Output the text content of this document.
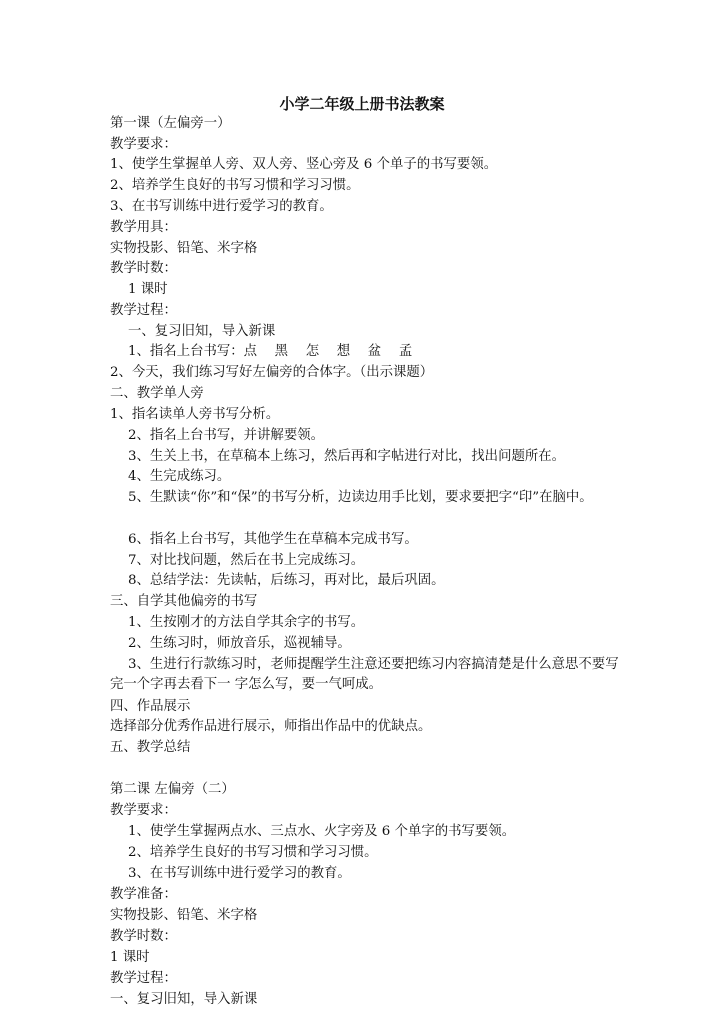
小学二年级上册书法教案
第一课（左偏旁一）
教学要求：
1、使学生掌握单人旁、双人旁、竖心旁及 6 个单子的书写要领。
2、培养学生良好的书写习惯和学习习惯。
3、在书写训练中进行爱学习的教育。
教学用具：
实物投影、铅笔、米字格
教学时数：
1 课时
教学过程：
一、复习旧知，导入新课
1、指名上台书写：点　 黑　 怎　 想　 盆　 孟
2、今天，我们练习写好左偏旁的合体字。（出示课题）
二、教学单人旁
1、指名读单人旁书写分析。
2、指名上台书写，并讲解要领。
3、生关上书，在草稿本上练习，然后再和字帖进行对比，找出问题所在。
4、生完成练习。
5、生默读“你”和“保”的书写分析，边读边用手比划，要求要把字“印”在脑中。
6、指名上台书写，其他学生在草稿本完成书写。
7、对比找问题，然后在书上完成练习。
8、总结学法：先读帖，后练习，再对比，最后巩固。
三、自学其他偏旁的书写
1、生按刚才的方法自学其余字的书写。
2、生练习时，师放音乐，巡视辅导。
3、生进行行款练习时，老师提醒学生注意还要把练习内容搞清楚是什么意思不要写完一个字再去看下一 字怎么写，要一气呵成。
四、作品展示
选择部分优秀作品进行展示，师指出作品中的优缺点。
五、教学总结
第二课 左偏旁（二）
教学要求：
1、使学生掌握两点水、三点水、火字旁及 6 个单字的书写要领。
2、培养学生良好的书写习惯和学习习惯。
3、在书写训练中进行爱学习的教育。
教学准备：
实物投影、铅笔、米字格
教学时数：
1 课时
教学过程：
一、复习旧知，导入新课
